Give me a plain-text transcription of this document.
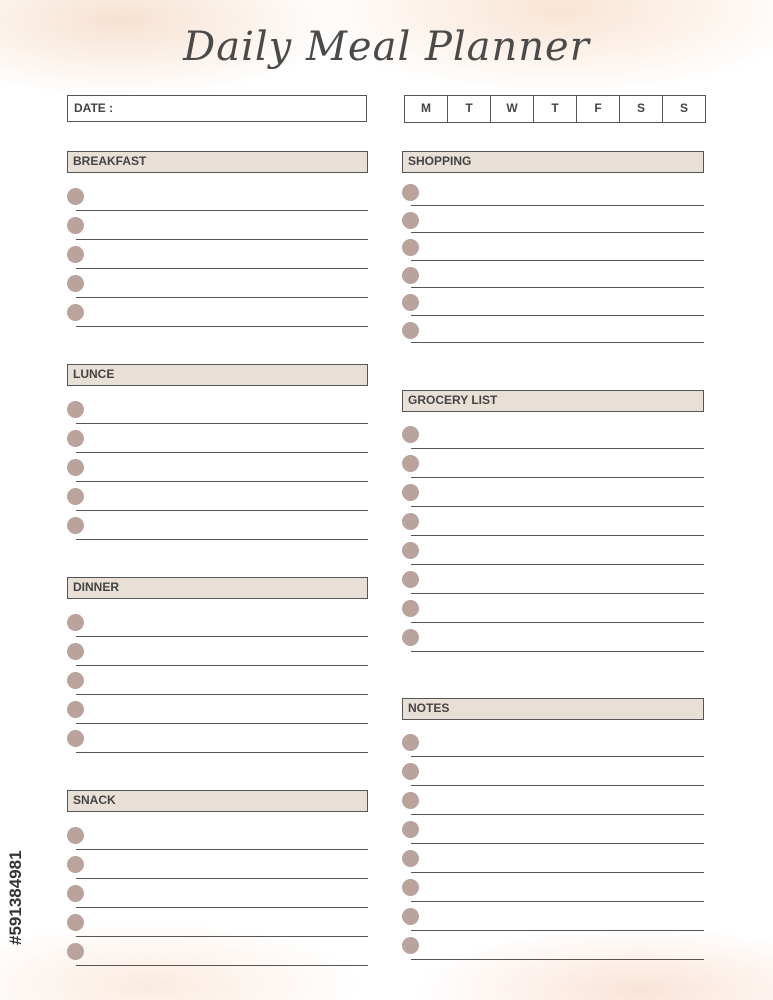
Daily Meal Planner
DATE :	M	T	W	T	F	S	S
BREAKFAST
LUNCE
DINNER
SNACK
SHOPPING
GROCERY LIST
NOTES
#591384981
